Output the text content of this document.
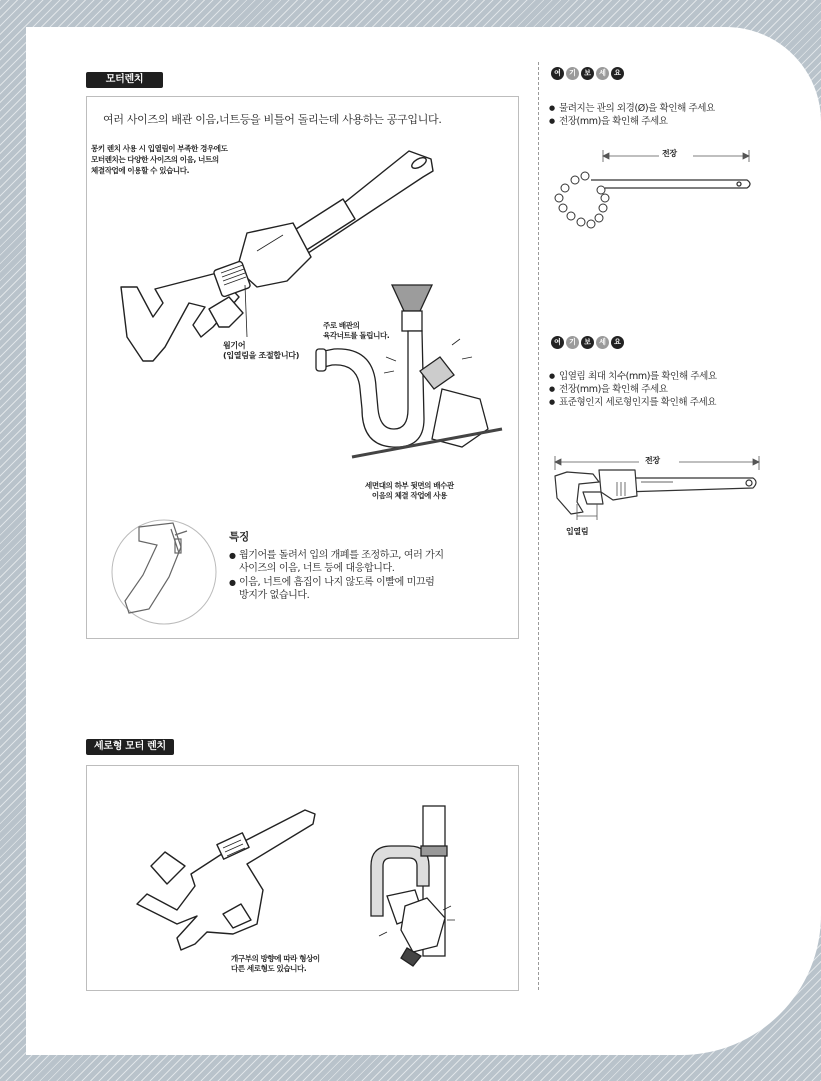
모터렌치
여러 사이즈의 배관 이음,너트등을 비틀어 돌리는데 사용하는 공구입니다.
몽키 렌치 사용 시 입열림이 부족한 경우에도
모터렌치는 다양한 사이즈의 이음, 너트의
체결작업에 이용할 수 있습니다.
웜기어
(입열림을 조절합니다)
주로 배관의
육각너트를 돌립니다.
세면대의 하부 뒷면의 배수관
이음의 체결 작업에 사용
특징
● 웜기어를 돌려서 입의 개폐를 조정하고, 여러 가지
사이즈의 이음, 너트 등에 대응합니다.
● 이음, 너트에 흠집이 나지 않도록 이빨에 미끄럼
방지가 없습니다.
세로형 모터 렌치
개구부의 방향에 따라 형상이
다른 세로형도 있습니다.
여	기	보	세	요
● 물려지는 관의 외경(Ø)을 확인해 주세요
● 전장(mm)을 확인해 주세요
전장
여	기	보	세	요
● 입열림 최대 치수(mm)를 확인해 주세요
● 전장(mm)을 확인해 주세요
● 표준형인지 세로형인지를 확인해 주세요
전장
입열림
